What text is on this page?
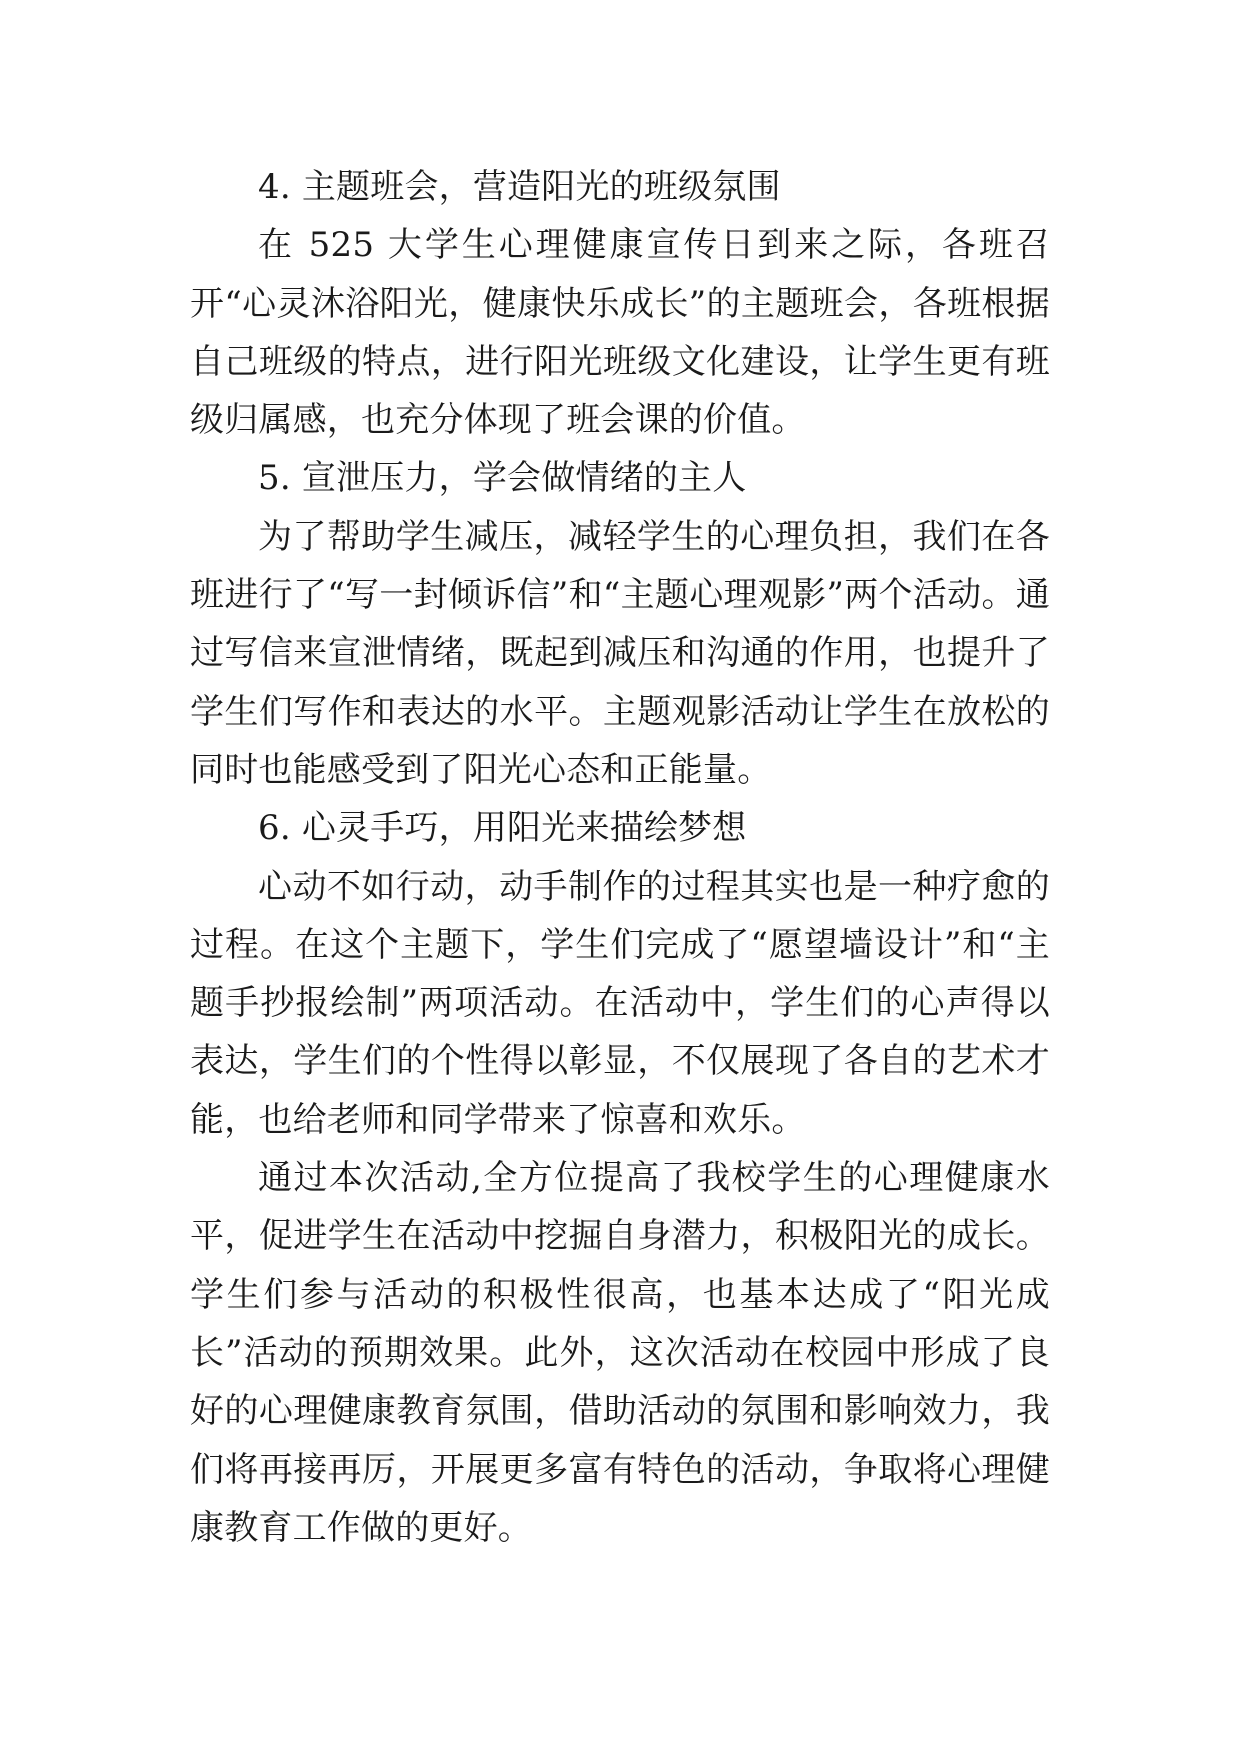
4. 主题班会，营造阳光的班级氛围

在 525 大学生心理健康宣传日到来之际，各班召开“心灵沐浴阳光，健康快乐成长”的主题班会，各班根据自己班级的特点，进行阳光班级文化建设，让学生更有班级归属感，也充分体现了班会课的价值。

5. 宣泄压力，学会做情绪的主人

为了帮助学生减压，减轻学生的心理负担，我们在各班进行了“写一封倾诉信”和“主题心理观影”两个活动。通过写信来宣泄情绪，既起到减压和沟通的作用，也提升了学生们写作和表达的水平。主题观影活动让学生在放松的同时也能感受到了阳光心态和正能量。

6. 心灵手巧，用阳光来描绘梦想

心动不如行动，动手制作的过程其实也是一种疗愈的过程。在这个主题下，学生们完成了“愿望墙设计”和“主题手抄报绘制”两项活动。在活动中，学生们的心声得以表达，学生们的个性得以彰显，不仅展现了各自的艺术才能，也给老师和同学带来了惊喜和欢乐。

通过本次活动,全方位提高了我校学生的心理健康水平，促进学生在活动中挖掘自身潜力，积极阳光的成长。学生们参与活动的积极性很高，也基本达成了“阳光成长”活动的预期效果。此外，这次活动在校园中形成了良好的心理健康教育氛围，借助活动的氛围和影响效力，我们将再接再厉，开展更多富有特色的活动，争取将心理健康教育工作做的更好。
